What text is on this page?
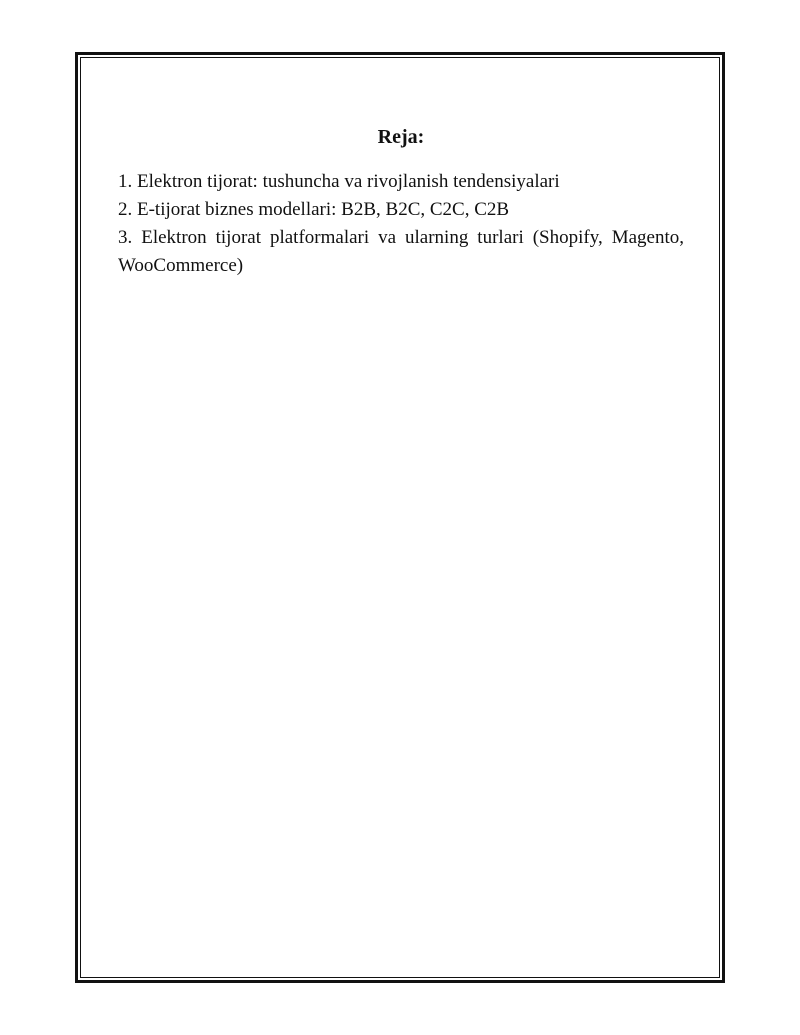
Reja:

1. Elektron tijorat: tushuncha va rivojlanish tendensiyalari

2. E-tijorat biznes modellari: B2B, B2C, C2C, C2B

3. Elektron tijorat platformalari va ularning turlari (Shopify, Magento, WooCommerce)
